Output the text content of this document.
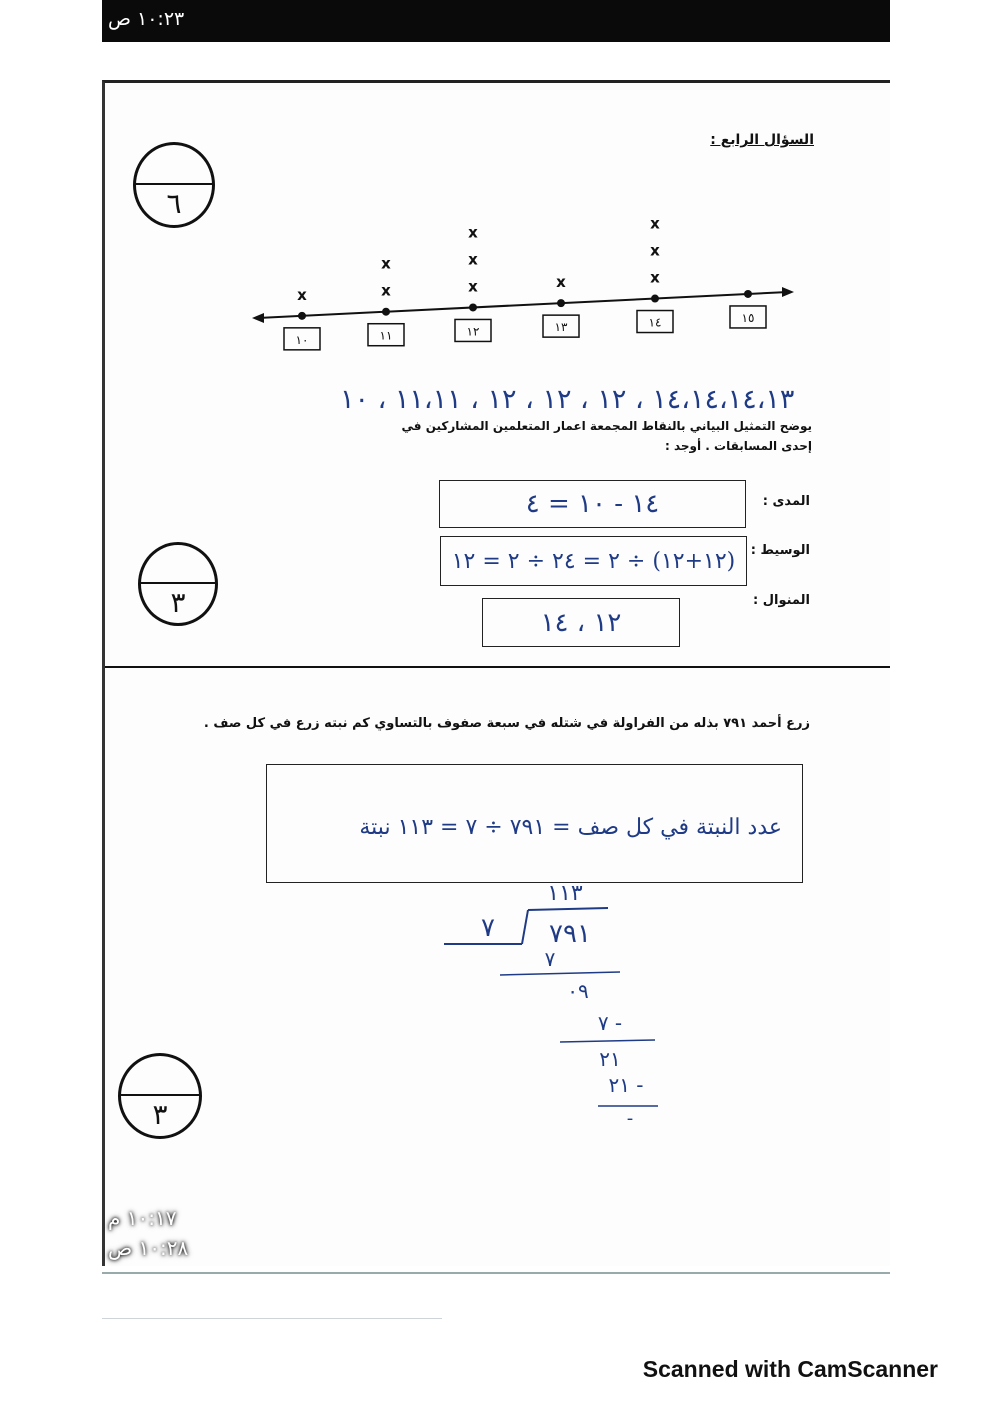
١٠:٢٣ ص
٦
٣
٣
السؤال الرابع :
١٠
x
١١
x
x
١٢
x
x
x
١٣
x
١٤
x
x
x
١٥
١٤،١٤،١٤،١٣ ، ١٢ ، ١٢ ، ١٢ ، ١١،١١ ، ١٠
يوضح التمثيل البياني بالنقاط المجمعة اعمار المتعلمين المشاركين في إحدى المسابقات . أوجد :
المدى :
١٤ - ١٠ = ٤
الوسيط :
(١٢+١٢) ÷ ٢ = ٢٤ ÷ ٢ = ١٢
المنوال :
١٢ ، ١٤
زرع أحمد ٧٩١ بذله من الفراولة في شتله في سبعة صفوف بالتساوي كم نبته زرع في كل صف .
عدد النبتة في كل صف = ٧٩١ ÷ ٧ = ١١٣ نبتة
١١٣
٧ ٧٩١
٧
٠٩
٧ -
٢١
٢١ -
-
١٠:١٧ م
١٠:٢٨ ص
Scanned with CamScanner
